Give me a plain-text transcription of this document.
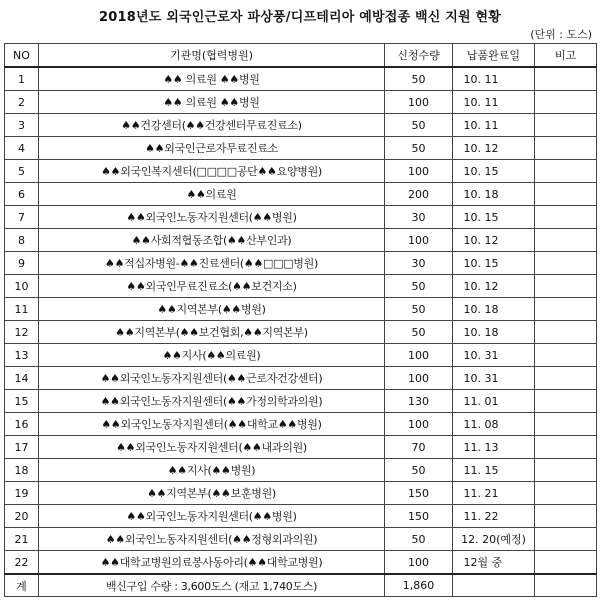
2018년도 외국인근로자 파상풍/디프테리아 예방접종 백신 지원 현황
(단위 : 도스)
NO	기관명(협력병원)	신청수량	납품완료일	비고
1	♠♠ 의료원 ♠♠병원	50	10. 11	
2	♠♠ 의료원 ♠♠병원	100	10. 11	
3	♠♠건강센터(♠♠건강센터무료진료소)	50	10. 11	
4	♠♠외국인근로자무료진료소	50	10. 12	
5	♠♠외국인복지센터(□□□□공단♠♠요양병원)	100	10. 15	
6	♠♠의료원	200	10. 18	
7	♠♠외국인노동자지원센터(♠♠병원)	30	10. 15	
8	♠♠사회적협동조합(♠♠산부인과)	100	10. 12	
9	♠♠적십자병원-♠♠진료센터(♠♠□□□병원)	30	10. 15	
10	♠♠외국인무료진료소(♠♠보건지소)	50	10. 12	
11	♠♠지역본부(♠♠병원)	50	10. 18	
12	♠♠지역본부(♠♠보건협회,♠♠지역본부)	50	10. 18	
13	♠♠지사(♠♠의료원)	100	10. 31	
14	♠♠외국인노동자지원센터(♠♠근로자건강센터)	100	10. 31	
15	♠♠외국인노동자지원센터(♠♠가정의학과의원)	130	11. 01	
16	♠♠외국인노동자지원센터(♠♠대학교♠♠병원)	100	11. 08	
17	♠♠외국인노동자지원센터(♠♠내과의원)	70	11. 13	
18	♠♠지사(♠♠병원)	50	11. 15	
19	♠♠지역본부(♠♠보훈병원)	150	11. 21	
20	♠♠외국인노동자지원센터(♠♠병원)	150	11. 22	
21	♠♠외국인노동자지원센터(♠♠정형외과의원)	50	12. 20(예정)	
22	♠♠대학교병원의료봉사동아리(♠♠대학교병원)	100	12월 중	
계	백신구입 수량 : 3,600도스 (재고 1,740도스)	1,860		
